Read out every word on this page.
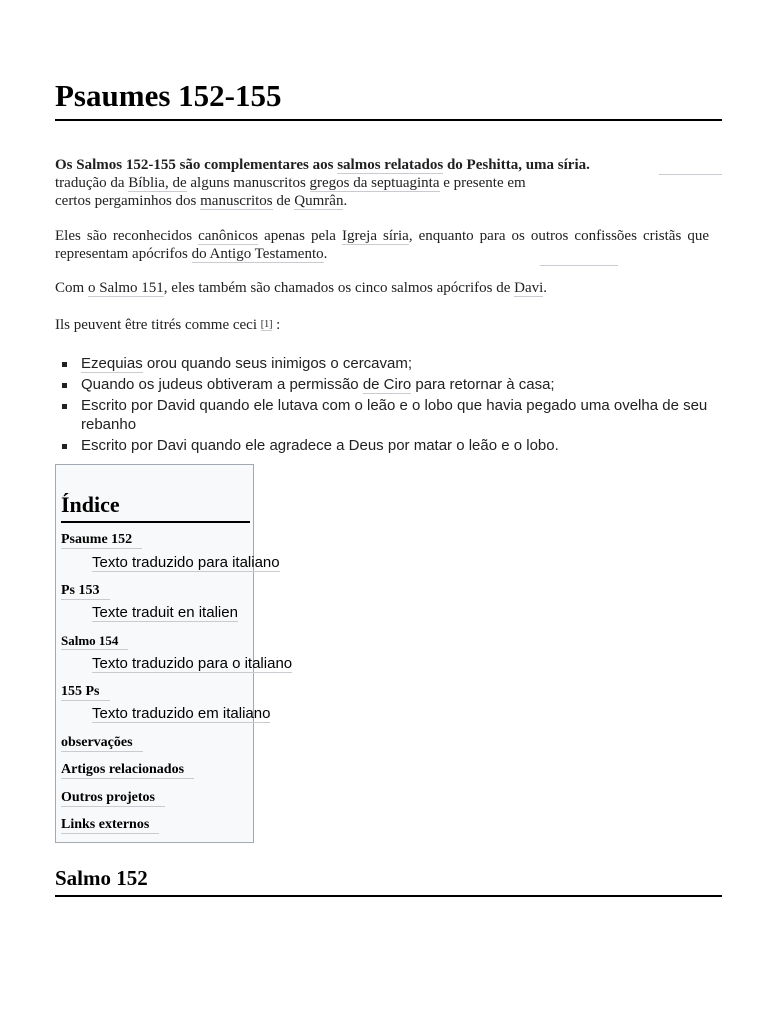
Psaumes 152-155

Os Salmos 152-155 são complementares aos salmos relatados do Peshitta, uma síria.

tradução da Bíblia, de alguns manuscritos gregos da septuaginta e presente em

certos pergaminhos dos manuscritos de Qumrân.

Eles são reconhecidos canônicos apenas pela Igreja síria, enquanto para os outros confissões cristãs que representam apócrifos do Antigo Testamento.

Com o Salmo 151, eles também são chamados os cinco salmos apócrifos de Davi.

Ils peuvent être titrés comme ceci [1] :

Ezequias orou quando seus inimigos o cercavam;
Quando os judeus obtiveram a permissão de Ciro para retornar à casa;
Escrito por David quando ele lutava com o leão e o lobo que havia pegado uma ovelha de seu rebanho
Escrito por Davi quando ele agradece a Deus por matar o leão e o lobo.
Índice
Psaume 152
Texto traduzido para italiano
Ps 153
Texte traduit en italien
Salmo 154
Texto traduzido para o italiano
155 Ps
Texto traduzido em italiano
observações
Artigos relacionados
Outros projetos
Links externos
Salmo 152
